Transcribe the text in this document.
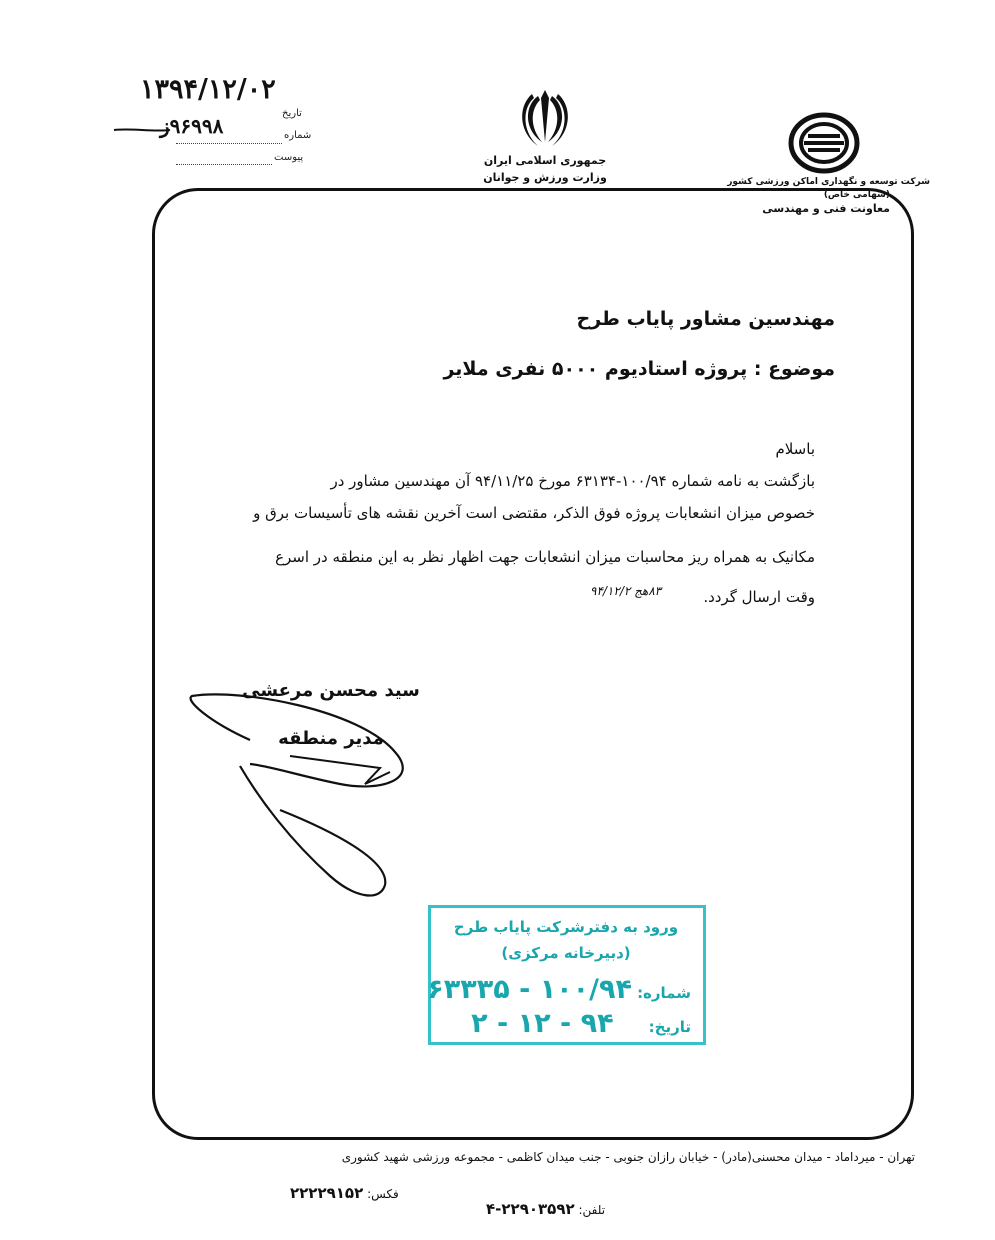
۱۳۹۴/۱۲/۰۲
تاریخ
۹۶۹۹۸ز	شماره
پیوست	جمهوری اسلامی ایران
وزارت ورزش و جوانان	شرکت توسعه و نگهداری اماکن ورزشی کشور
(سهامی خاص)
معاونت فنی و مهندسی
مهندسین مشاور پایاب طرح
موضوع : پروژه استادیوم ۵۰۰۰ نفری ملایر
باسلام
بازگشت به نامه شماره ۱۰۰/۹۴-۶۳۱۳۴ مورخ ۹۴/۱۱/۲۵ آن مهندسین مشاور در
خصوص میزان انشعابات پروژه فوق الذکر، مقتضی است آخرین نقشه های تأسیسات برق و
مکانیک به همراه ریز محاسبات میزان انشعابات جهت اظهار نظر به این منطقه در اسرع
وقت ارسال گردد.
۸۳هج ۹۴/۱۲/۲
سید محسن مرعشی
مدیر منطقه
ورود به دفترشرکت پایاب طرح
(دبیرخانه مرکزی)
شماره: ۱۰۰/۹۴ - ۶۳۳۳۵
تاریخ: ۹۴ - ۱۲ - ۲
تهران - میرداماد - میدان محسنی(مادر) - خیابان رازان جنوبی - جنب میدان کاظمی - مجموعه ورزشی شهید کشوری
فکس: ۲۲۲۲۹۱۵۲
تلفن: ۲۲۹۰۳۵۹۲-۴
